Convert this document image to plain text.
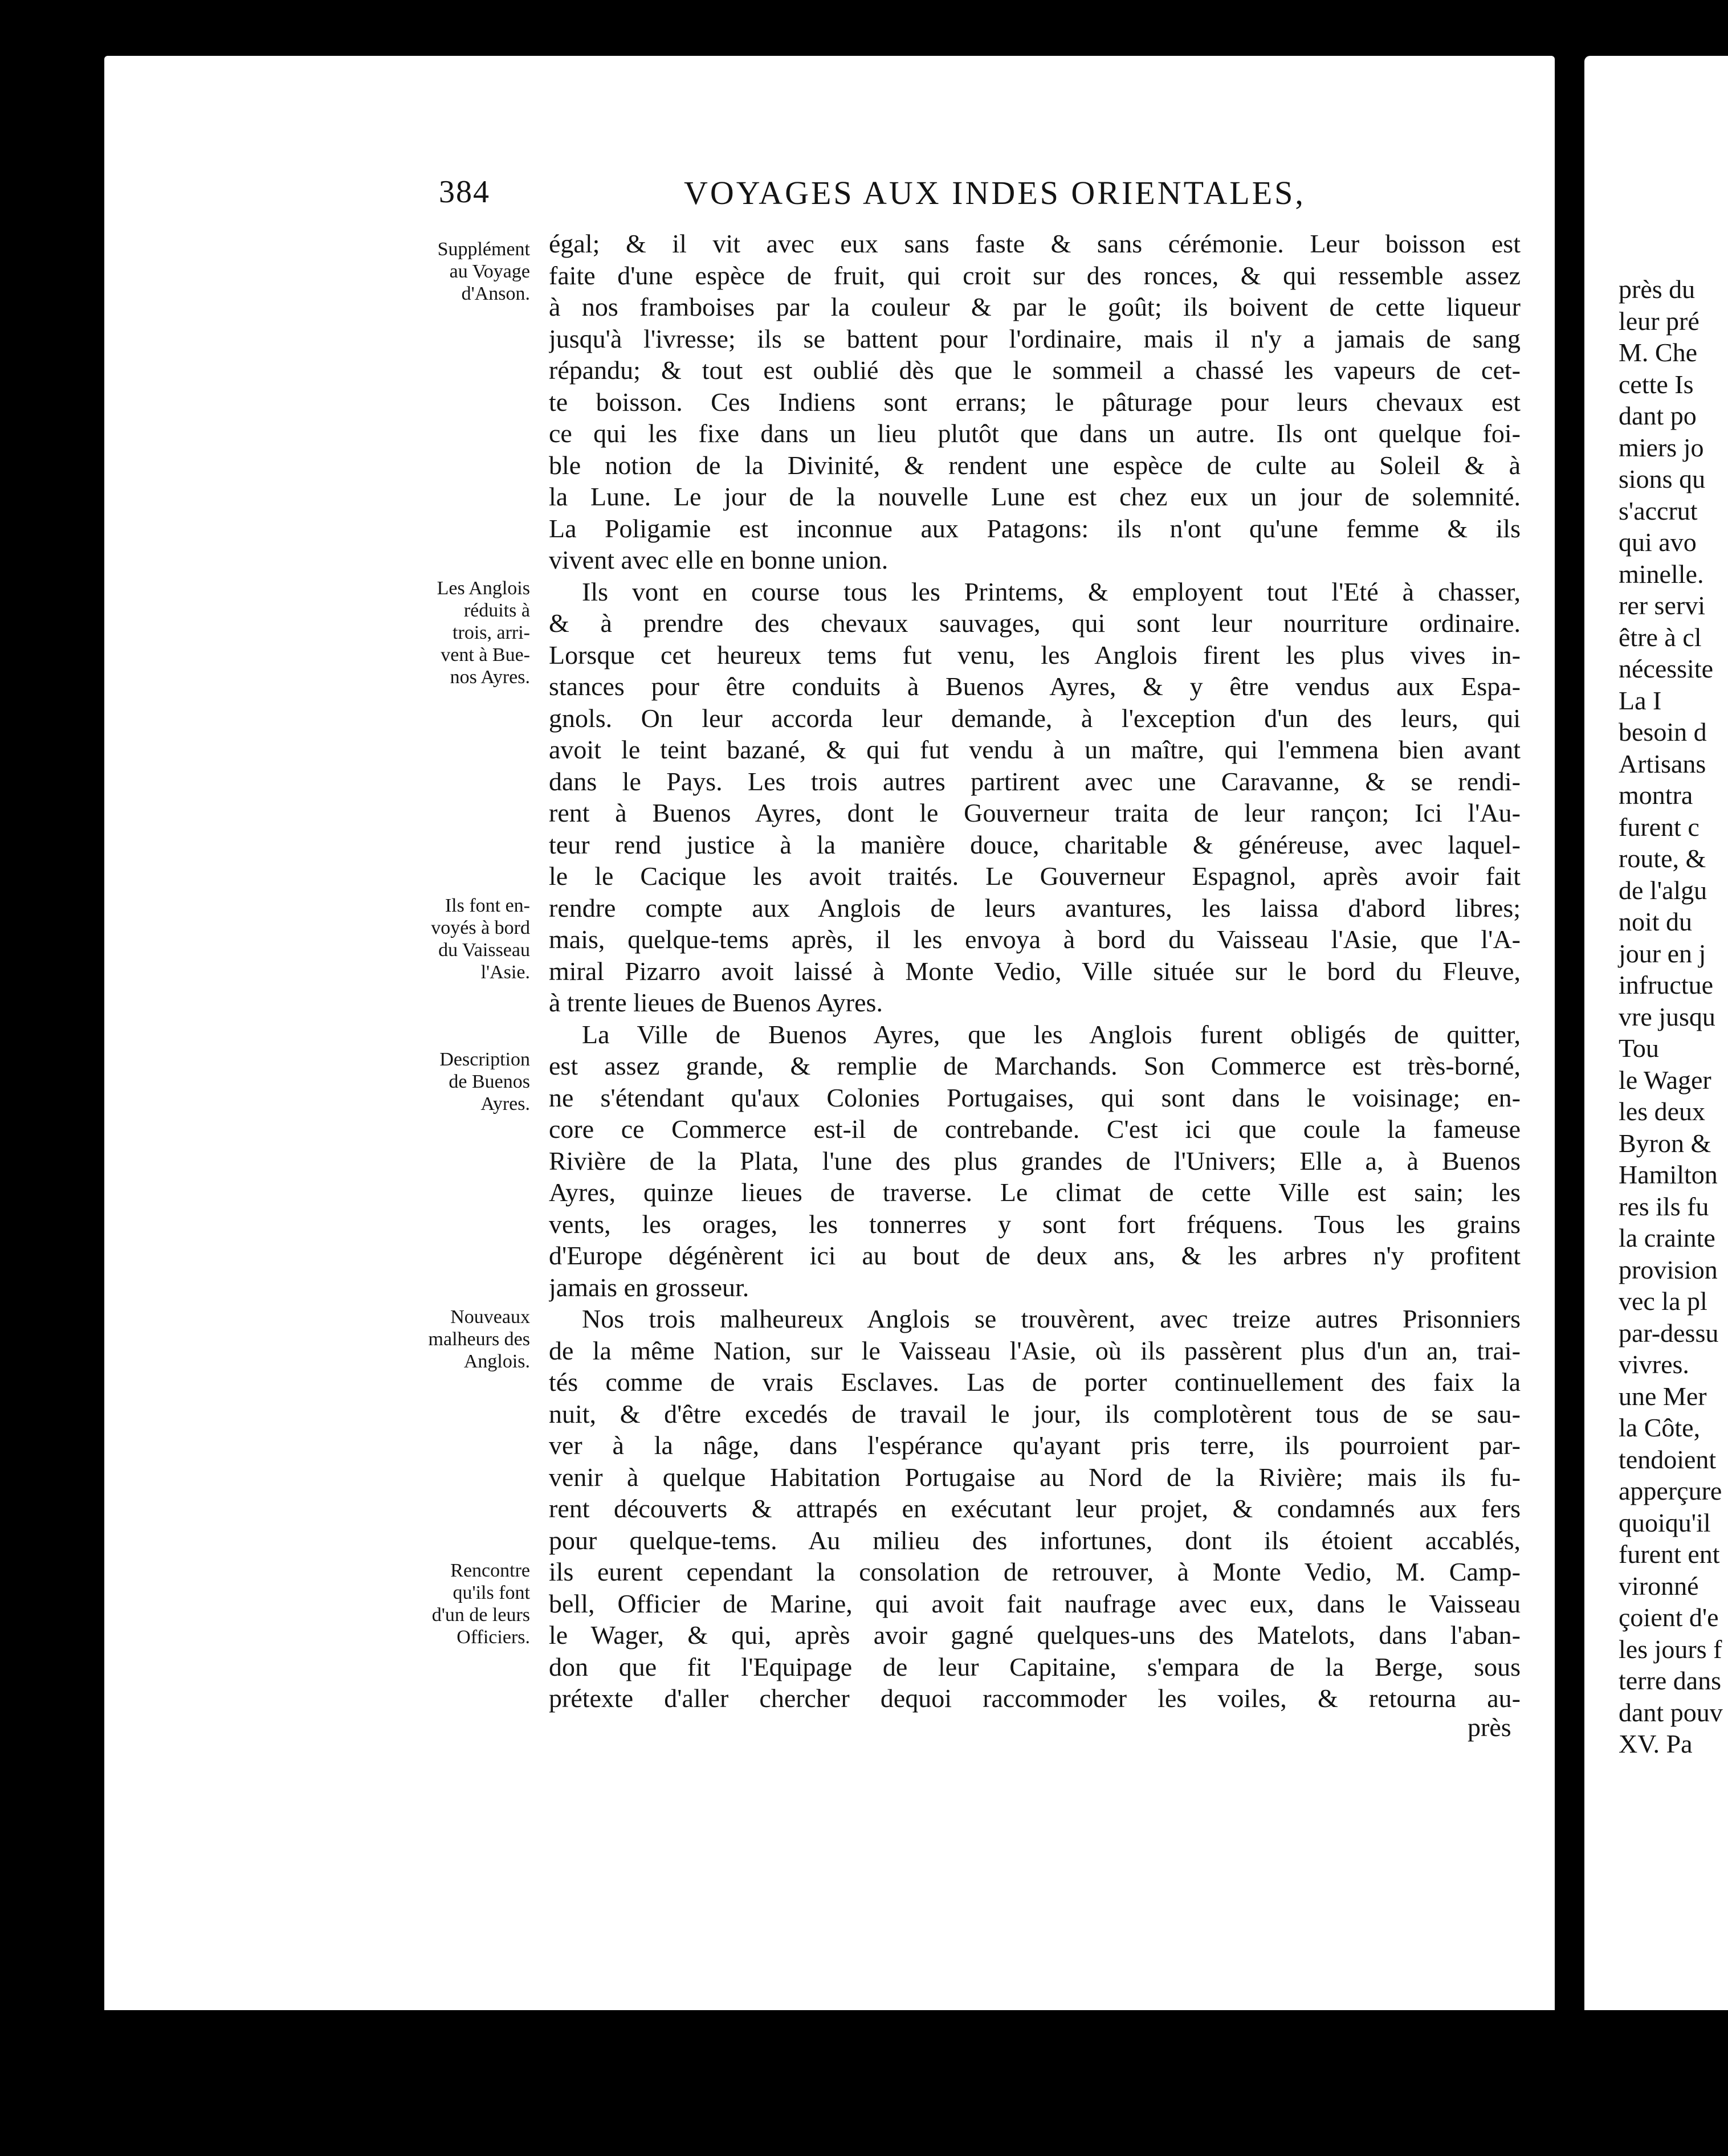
près du
leur pré
M. Che
cette Is
dant po
miers jo
sions qu
s'accrut
qui avo
minelle.
rer servi
être à cl
nécessite
La I
besoin d
Artisans
montra
furent c
route, &
de l'algu
noit du
jour en j
infructue
vre jusqu
Tou
le Wager
les deux
Byron &
Hamilton
res ils fu
la crainte
provision
vec la pl
par-dessu
vivres.
une Mer
la Côte,
tendoient
apperçure
quoiqu'il
furent ent
vironné
çoient d'e
les jours f
terre dans
dant pouv
XV. Pa
384	VOYAGES AUX INDES ORIENTALES,
Supplément
au Voyage
d'Anson.
Les Anglois
réduits à
trois, arri-
vent à Bue-
nos Ayres.
Ils font en-
voyés à bord
du Vaisseau
l'Asie.
Description
de Buenos
Ayres.
Nouveaux
malheurs des
Anglois.
Rencontre
qu'ils font
d'un de leurs
Officiers.
égal; & il vit avec eux sans faste & sans cérémonie. Leur boisson est
faite d'une espèce de fruit, qui croit sur des ronces, & qui ressemble assez
à nos framboises par la couleur & par le goût; ils boivent de cette liqueur
jusqu'à l'ivresse; ils se battent pour l'ordinaire, mais il n'y a jamais de sang
répandu; & tout est oublié dès que le sommeil a chassé les vapeurs de cet-
te boisson. Ces Indiens sont errans; le pâturage pour leurs chevaux est
ce qui les fixe dans un lieu plutôt que dans un autre. Ils ont quelque foi-
ble notion de la Divinité, & rendent une espèce de culte au Soleil & à
la Lune. Le jour de la nouvelle Lune est chez eux un jour de solemnité.
La Poligamie est inconnue aux Patagons: ils n'ont qu'une femme & ils
vivent avec elle en bonne union.
Ils vont en course tous les Printems, & employent tout l'Eté à chasser,
& à prendre des chevaux sauvages, qui sont leur nourriture ordinaire.
Lorsque cet heureux tems fut venu, les Anglois firent les plus vives in-
stances pour être conduits à Buenos Ayres, & y être vendus aux Espa-
gnols. On leur accorda leur demande, à l'exception d'un des leurs, qui
avoit le teint bazané, & qui fut vendu à un maître, qui l'emmena bien avant
dans le Pays. Les trois autres partirent avec une Caravanne, & se rendi-
rent à Buenos Ayres, dont le Gouverneur traita de leur rançon; Ici l'Au-
teur rend justice à la manière douce, charitable & généreuse, avec laquel-
le le Cacique les avoit traités. Le Gouverneur Espagnol, après avoir fait
rendre compte aux Anglois de leurs avantures, les laissa d'abord libres;
mais, quelque-tems après, il les envoya à bord du Vaisseau l'Asie, que l'A-
miral Pizarro avoit laissé à Monte Vedio, Ville située sur le bord du Fleuve,
à trente lieues de Buenos Ayres.
La Ville de Buenos Ayres, que les Anglois furent obligés de quitter,
est assez grande, & remplie de Marchands. Son Commerce est très-borné,
ne s'étendant qu'aux Colonies Portugaises, qui sont dans le voisinage; en-
core ce Commerce est-il de contrebande. C'est ici que coule la fameuse
Rivière de la Plata, l'une des plus grandes de l'Univers; Elle a, à Buenos
Ayres, quinze lieues de traverse. Le climat de cette Ville est sain; les
vents, les orages, les tonnerres y sont fort fréquens. Tous les grains
d'Europe dégénèrent ici au bout de deux ans, & les arbres n'y profitent
jamais en grosseur.
Nos trois malheureux Anglois se trouvèrent, avec treize autres Prisonniers
de la même Nation, sur le Vaisseau l'Asie, où ils passèrent plus d'un an, trai-
tés comme de vrais Esclaves. Las de porter continuellement des faix la
nuit, & d'être excedés de travail le jour, ils complotèrent tous de se sau-
ver à la nâge, dans l'espérance qu'ayant pris terre, ils pourroient par-
venir à quelque Habitation Portugaise au Nord de la Rivière; mais ils fu-
rent découverts & attrapés en exécutant leur projet, & condamnés aux fers
pour quelque-tems. Au milieu des infortunes, dont ils étoient accablés,
ils eurent cependant la consolation de retrouver, à Monte Vedio, M. Camp-
bell, Officier de Marine, qui avoit fait naufrage avec eux, dans le Vaisseau
le Wager, & qui, après avoir gagné quelques-uns des Matelots, dans l'aban-
don que fit l'Equipage de leur Capitaine, s'empara de la Berge, sous
prétexte d'aller chercher dequoi raccommoder les voiles, & retourna au-
près
